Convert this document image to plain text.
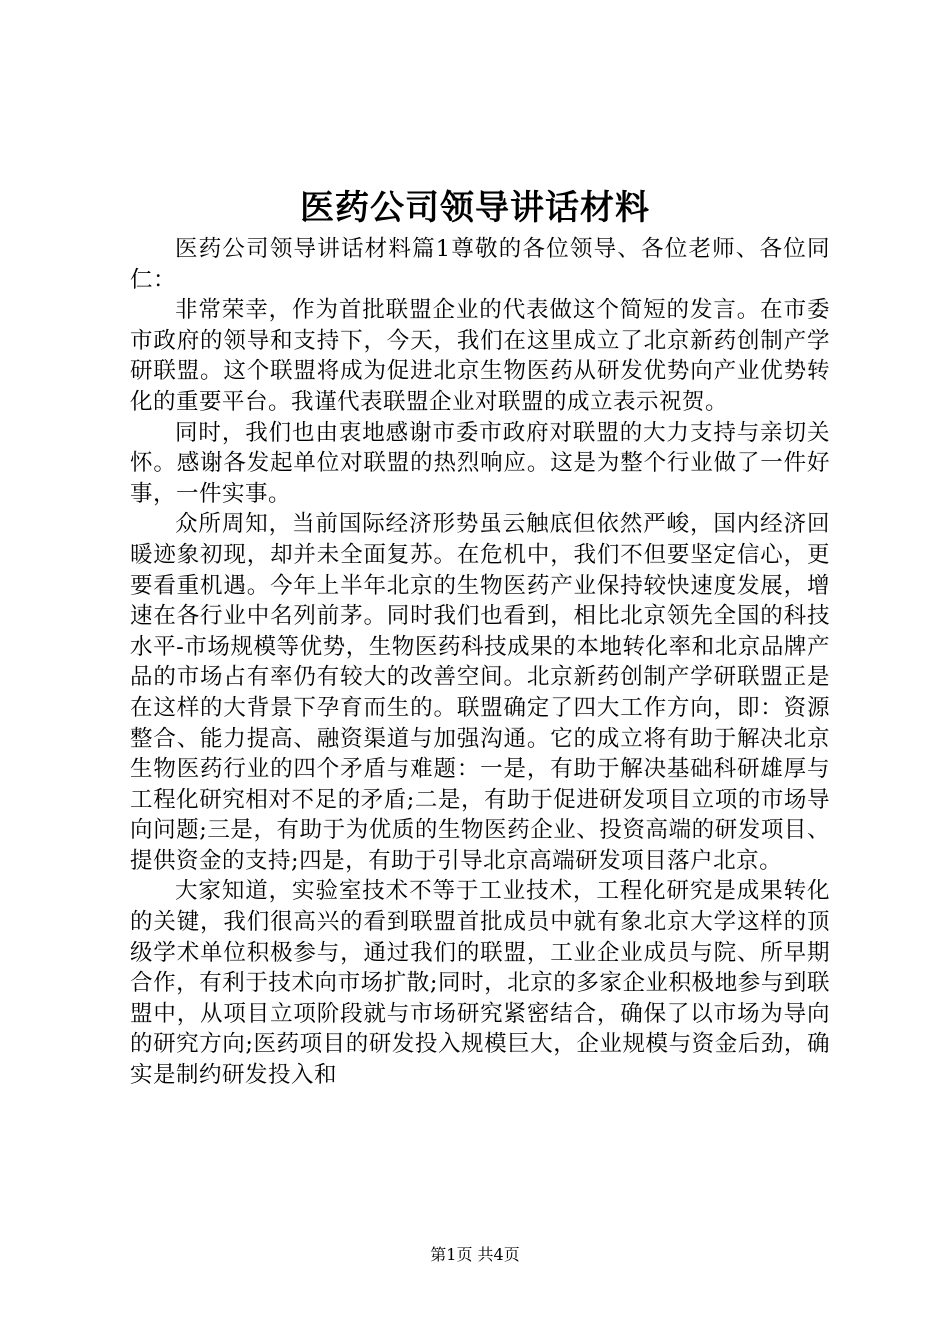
医药公司领导讲话材料

医药公司领导讲话材料篇1尊敬的各位领导、各位老师、各位同仁：

非常荣幸，作为首批联盟企业的代表做这个简短的发言。在市委市政府的领导和支持下，今天，我们在这里成立了北京新药创制产学研联盟。这个联盟将成为促进北京生物医药从研发优势向产业优势转化的重要平台。我谨代表联盟企业对联盟的成立表示祝贺。

同时，我们也由衷地感谢市委市政府对联盟的大力支持与亲切关怀。感谢各发起单位对联盟的热烈响应。这是为整个行业做了一件好事，一件实事。

众所周知，当前国际经济形势虽云触底但依然严峻，国内经济回暖迹象初现，却并未全面复苏。在危机中，我们不但要坚定信心，更要看重机遇。今年上半年北京的生物医药产业保持较快速度发展，增速在各行业中名列前茅。同时我们也看到，相比北京领先全国的科技水平-市场规模等优势，生物医药科技成果的本地转化率和北京品牌产品的市场占有率仍有较大的改善空间。北京新药创制产学研联盟正是在这样的大背景下孕育而生的。联盟确定了四大工作方向，即：资源整合、能力提高、融资渠道与加强沟通。它的成立将有助于解决北京生物医药行业的四个矛盾与难题：一是，有助于解决基础科研雄厚与工程化研究相对不足的矛盾;二是，有助于促进研发项目立项的市场导向问题;三是，有助于为优质的生物医药企业、投资高端的研发项目、提供资金的支持;四是，有助于引导北京高端研发项目落户北京。

大家知道，实验室技术不等于工业技术，工程化研究是成果转化的关键，我们很高兴的看到联盟首批成员中就有象北京大学这样的顶级学术单位积极参与，通过我们的联盟，工业企业成员与院、所早期合作，有利于技术向市场扩散;同时，北京的多家企业积极地参与到联盟中，从项目立项阶段就与市场研究紧密结合，确保了以市场为导向的研究方向;医药项目的研发投入规模巨大，企业规模与资金后劲，确实是制约研发投入和

第1页 共4页
